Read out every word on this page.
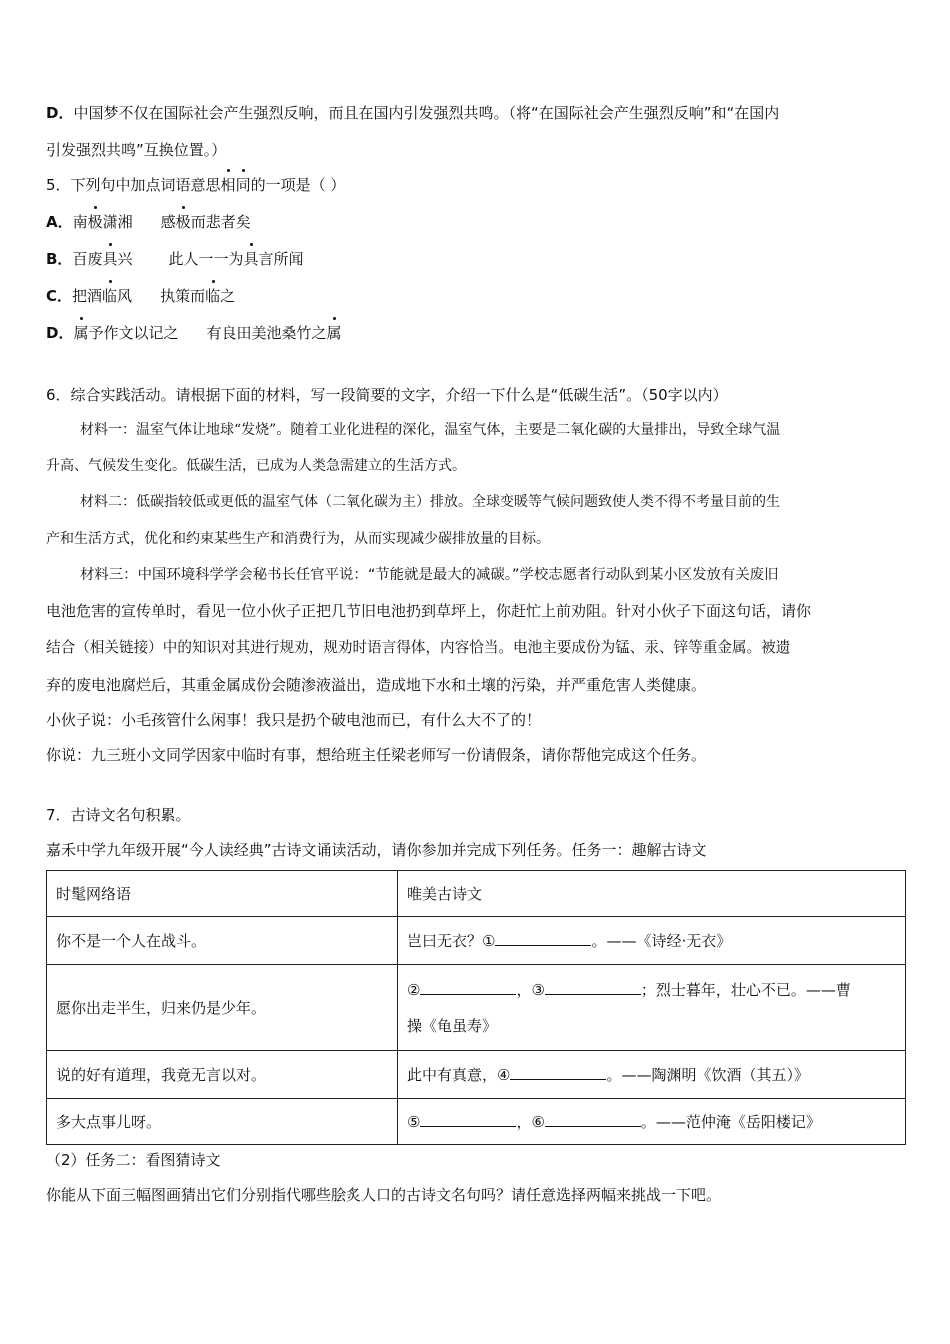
D．中国梦不仅在国际社会产生强烈反响，而且在国内引发强烈共鸣。（将“在国际社会产生强烈反响”和“在国内
引发强烈共鸣”互换位置。）
5．下列句中加点词语意思相同的一项是（ ）
A．南极潇湘 感极而悲者矣
B．百废具兴 此人一一为具言所闻
C．把酒临风 执策而临之
D．属予作文以记之 有良田美池桑竹之属
6．综合实践活动。请根据下面的材料，写一段简要的文字，介绍一下什么是“低碳生活”。（50字以内）
材料一：温室气体让地球“发烧”。随着工业化进程的深化，温室气体，主要是二氧化碳的大量排出，导致全球气温
升高、气候发生变化。低碳生活，已成为人类急需建立的生活方式。
材料二：低碳指较低或更低的温室气体（二氧化碳为主）排放。全球变暖等气候问题致使人类不得不考量目前的生
产和生活方式，优化和约束某些生产和消费行为，从而实现减少碳排放量的目标。
材料三：中国环境科学学会秘书长任官平说：“节能就是最大的减碳。”学校志愿者行动队到某小区发放有关废旧
电池危害的宣传单时，看见一位小伙子正把几节旧电池扔到草坪上，你赶忙上前劝阻。针对小伙子下面这句话，请你
结合（相关链接）中的知识对其进行规劝，规劝时语言得体，内容恰当。电池主要成份为锰、汞、锌等重金属。被遗
弃的废电池腐烂后，其重金属成份会随渗液溢出，造成地下水和土壤的污染，并严重危害人类健康。
小伙子说：小毛孩管什么闲事！我只是扔个破电池而已，有什么大不了的！
你说：九三班小文同学因家中临时有事，想给班主任梁老师写一份请假条，请你帮他完成这个任务。
7．古诗文名句积累。
嘉禾中学九年级开展“今人读经典”古诗文诵读活动，请你参加并完成下列任务。任务一：趣解古诗文
时髦网络语	唯美古诗文
你不是一个人在战斗。	岂曰无衣？① 。——《诗经·无衣》
愿你出走半生，归来仍是少年。	② ，③ ；烈士暮年，壮心不已。——曹
操《龟虽寿》

说的好有道理，我竟无言以对。	此中有真意，④ 。——陶渊明《饮酒（其五）》
多大点事儿呀。	⑤ ，⑥ 。——范仲淹《岳阳楼记》
（2）任务二：看图猜诗文
你能从下面三幅图画猜出它们分别指代哪些脍炙人口的古诗文名句吗？请任意选择两幅来挑战一下吧。
